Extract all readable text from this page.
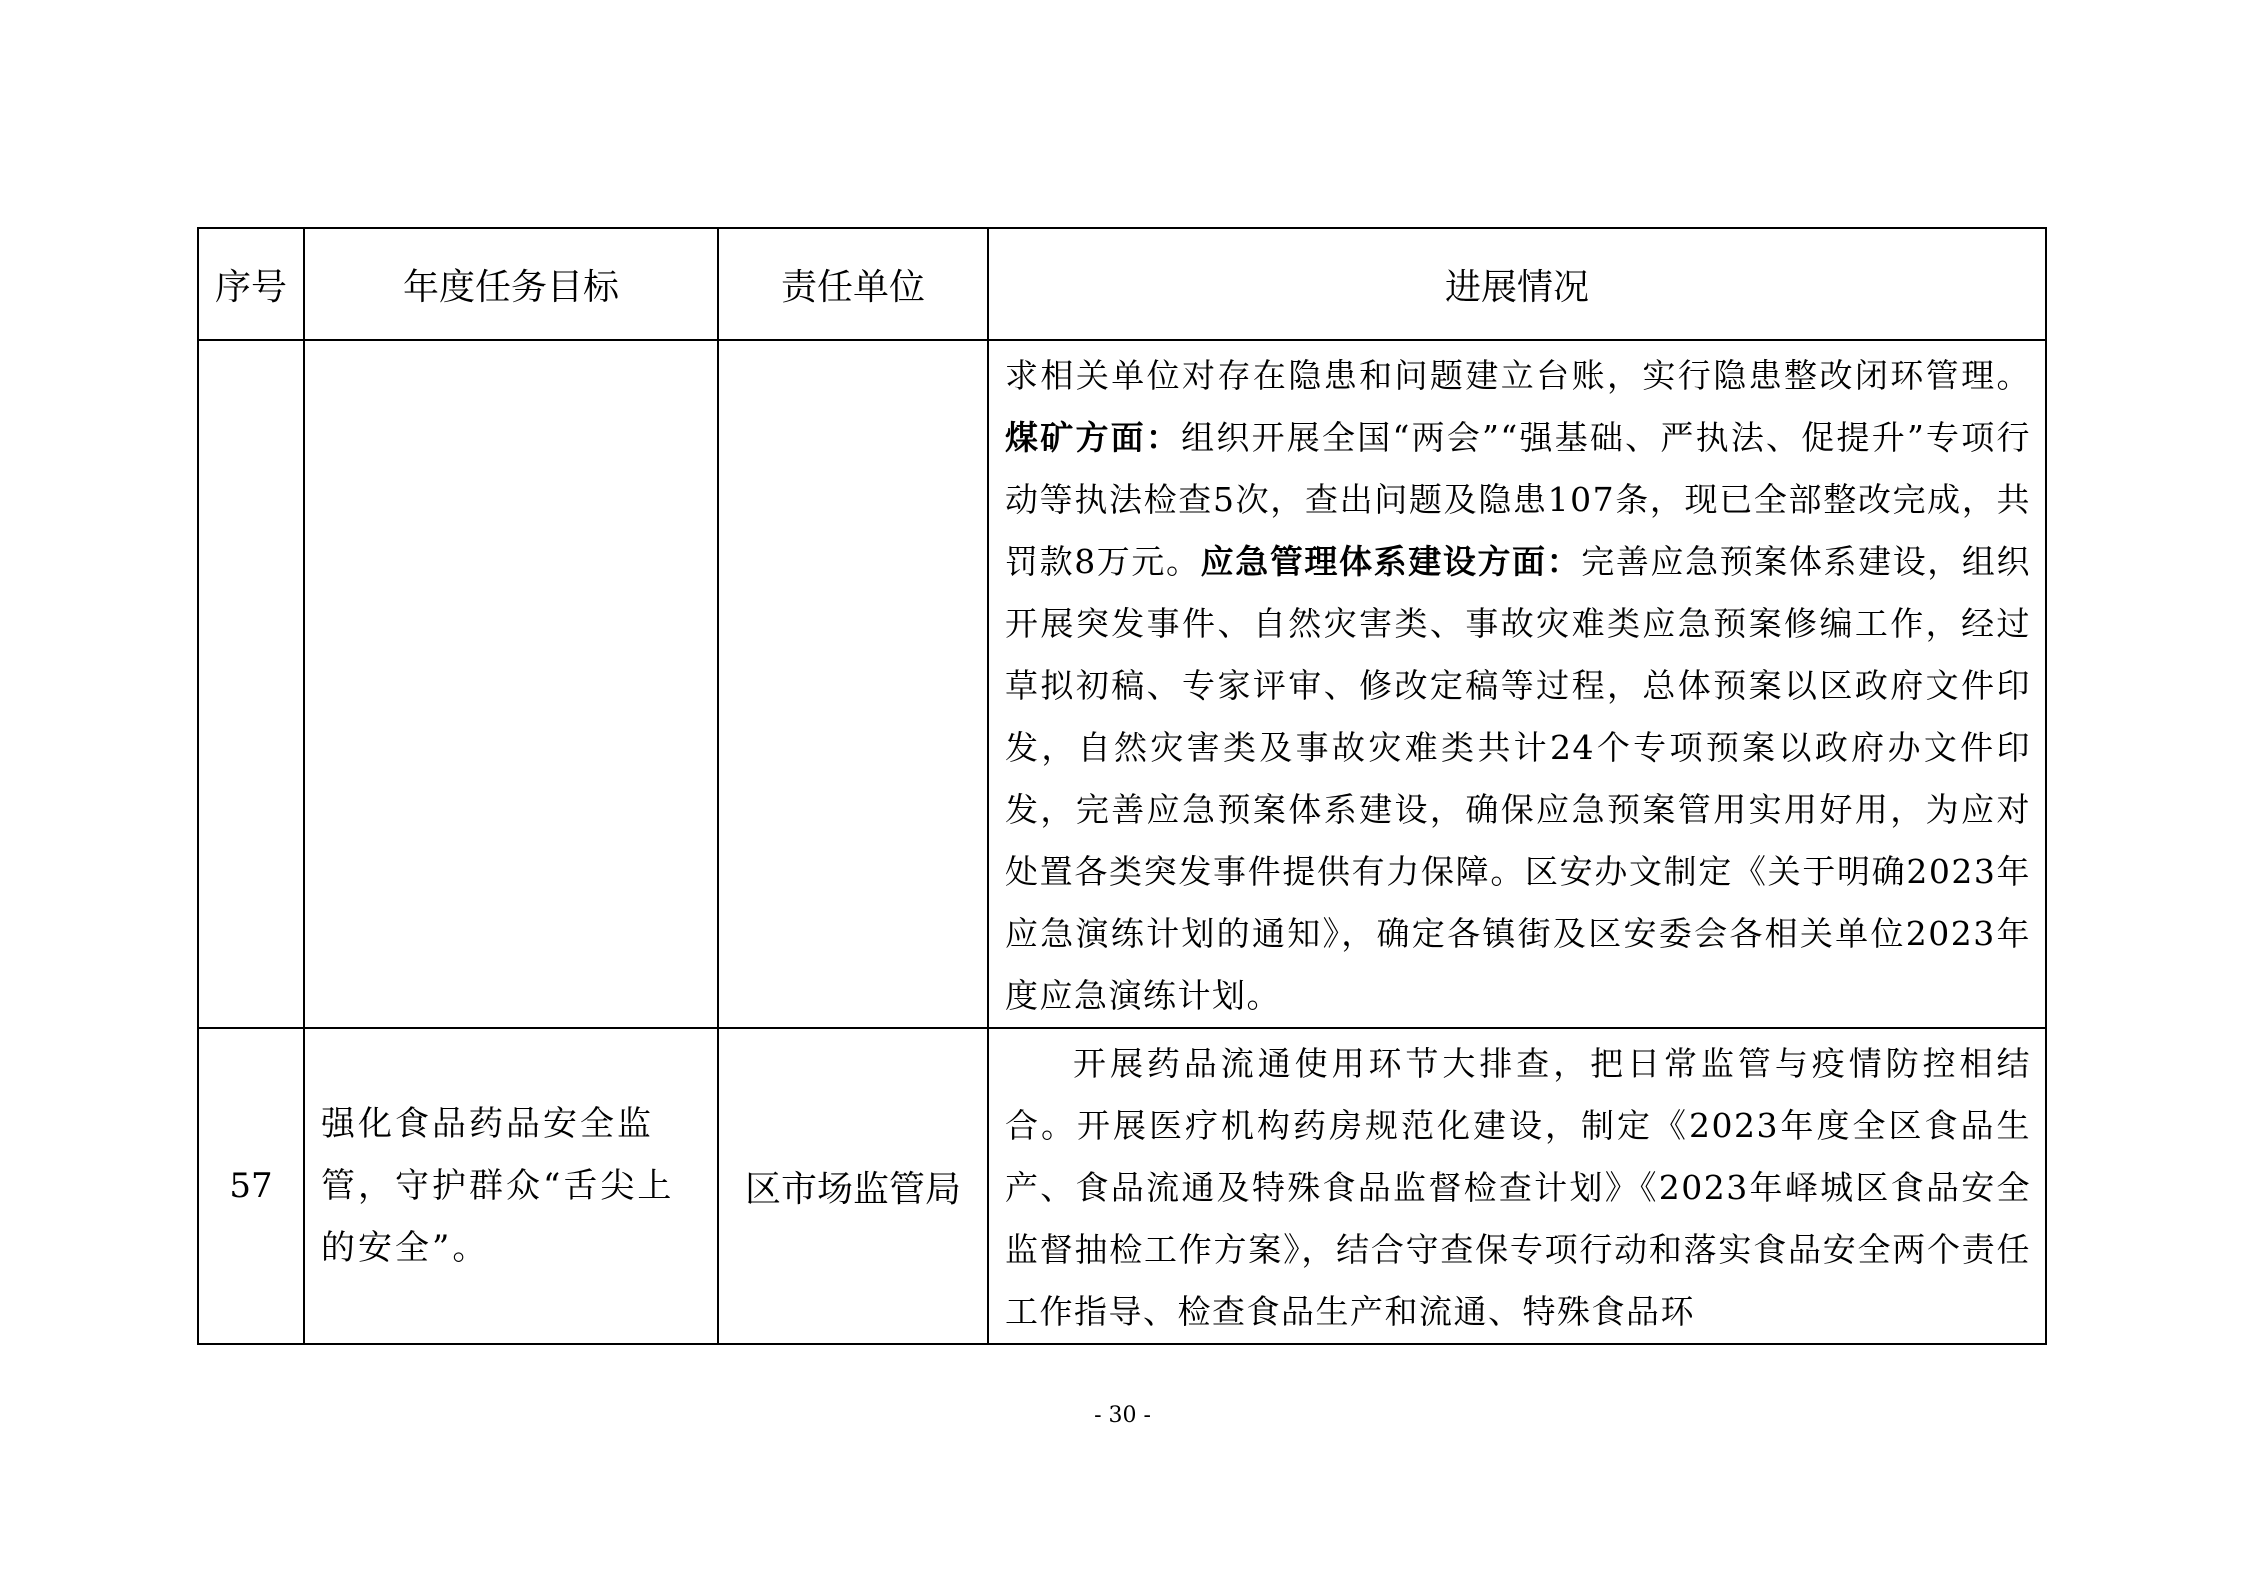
序号	年度任务目标	责任单位	进展情况
			求相关单位对存在隐患和问题建立台账，实行隐患整改闭环管理。煤矿方面：组织开展全国“两会”“强基础、严执法、促提升”专项行动等执法检查5次，查出问题及隐患107条，现已全部整改完成，共罚款8万元。应急管理体系建设方面：完善应急预案体系建设，组织开展突发事件、自然灾害类、事故灾难类应急预案修编工作，经过草拟初稿、专家评审、修改定稿等过程，总体预案以区政府文件印发，自然灾害类及事故灾难类共计24个专项预案以政府办文件印发，完善应急预案体系建设，确保应急预案管用实用好用，为应对处置各类突发事件提供有力保障。区安办文制定《关于明确2023年应急演练计划的通知》，确定各镇街及区安委会各相关单位2023年度应急演练计划。
57	强化食品药品安全监管，守护群众“舌尖上的安全”。	区市场监管局	开展药品流通使用环节大排查，把日常监管与疫情防控相结合。开展医疗机构药房规范化建设，制定《2023年度全区食品生产、食品流通及特殊食品监督检查计划》《2023年峄城区食品安全监督抽检工作方案》，结合守查保专项行动和落实食品安全两个责任工作指导、检查食品生产和流通、特殊食品环
- 30 -
